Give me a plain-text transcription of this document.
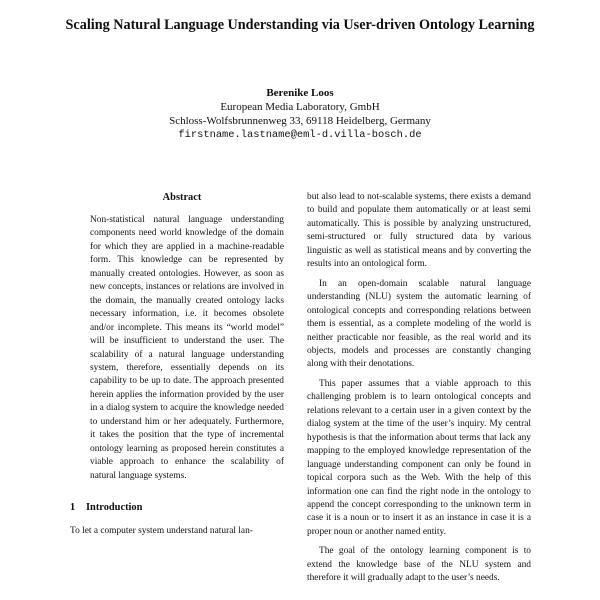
Scaling Natural Language Understanding via User-driven Ontology Learning
Berenike Loos
European Media Laboratory, GmbH
Schloss-Wolfsbrunnenweg 33, 69118 Heidelberg, Germany
firstname.lastname@eml-d.villa-bosch.de
Abstract

Non-statistical natural language understanding components need world knowledge of the domain for which they are applied in a machine-readable form. This knowledge can be represented by manually created ontologies. However, as soon as new concepts, instances or relations are involved in the domain, the manually created ontology lacks necessary information, i.e. it becomes obsolete and/or incomplete. This means its “world model” will be insufficient to understand the user. The scalability of a natural language understanding system, therefore, essentially depends on its capability to be up to date. The approach presented herein applies the information provided by the user in a dialog system to acquire the knowledge needed to understand him or her adequately. Furthermore, it takes the position that the type of incremental ontology learning as proposed herein constitutes a viable approach to enhance the scalability of natural language systems.

1 Introduction

To let a computer system understand natural lan-

but also lead to not-scalable systems, there exists a demand to build and populate them automatically or at least semi automatically. This is possible by analyzing unstructured, semi-structured or fully structured data by various linguistic as well as statistical means and by converting the results into an ontological form.

In an open-domain scalable natural language understanding (NLU) system the automatic learning of ontological concepts and corresponding relations between them is essential, as a complete modeling of the world is neither practicable nor feasible, as the real world and its objects, models and processes are constantly changing along with their denotations.

This paper assumes that a viable approach to this challenging problem is to learn ontological concepts and relations relevant to a certain user in a given context by the dialog system at the time of the user’s inquiry. My central hypothesis is that the information about terms that lack any mapping to the employed knowledge representation of the language understanding component can only be found in topical corpora such as the Web. With the help of this information one can find the right node in the ontology to append the concept corresponding to the unknown term in case it is a noun or to insert it as an instance in case it is a proper noun or another named entity.

The goal of the ontology learning component is to extend the knowledge base of the NLU system and therefore it will gradually adapt to the user’s needs.
